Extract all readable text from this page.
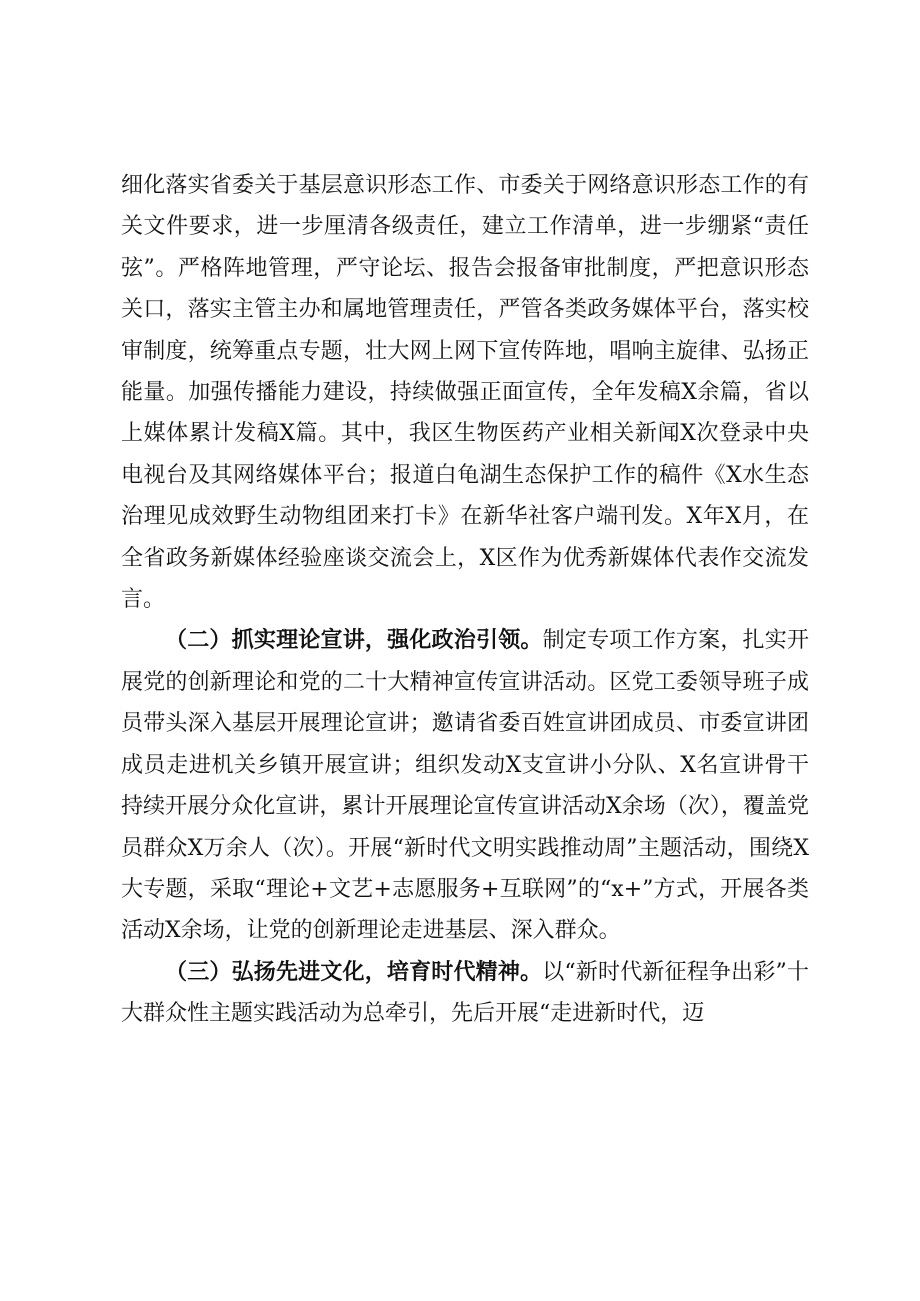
细化落实省委关于基层意识形态工作、市委关于网络意识形态工作的有关文件要求，进一步厘清各级责任，建立工作清单，进一步绷紧“责任弦”。严格阵地管理，严守论坛、报告会报备审批制度，严把意识形态关口，落实主管主办和属地管理责任，严管各类政务媒体平台，落实校审制度，统筹重点专题，壮大网上网下宣传阵地，唱响主旋律、弘扬正能量。加强传播能力建设，持续做强正面宣传，全年发稿X余篇，省以上媒体累计发稿X篇。其中，我区生物医药产业相关新闻X次登录中央电视台及其网络媒体平台；报道白龟湖生态保护工作的稿件《X水生态治理见成效野生动物组团来打卡》在新华社客户端刊发。X年X月，在全省政务新媒体经验座谈交流会上，X区作为优秀新媒体代表作交流发言。

（二）抓实理论宣讲，强化政治引领。制定专项工作方案，扎实开展党的创新理论和党的二十大精神宣传宣讲活动。区党工委领导班子成员带头深入基层开展理论宣讲；邀请省委百姓宣讲团成员、市委宣讲团成员走进机关乡镇开展宣讲；组织发动X支宣讲小分队、X名宣讲骨干持续开展分众化宣讲，累计开展理论宣传宣讲活动X余场（次），覆盖党员群众X万余人（次）。开展“新时代文明实践推动周”主题活动，围绕X大专题，采取“理论+文艺+志愿服务+互联网”的“x+”方式，开展各类活动X余场，让党的创新理论走进基层、深入群众。

（三）弘扬先进文化，培育时代精神。以“新时代新征程争出彩”十大群众性主题实践活动为总牵引，先后开展“走进新时代，迈
